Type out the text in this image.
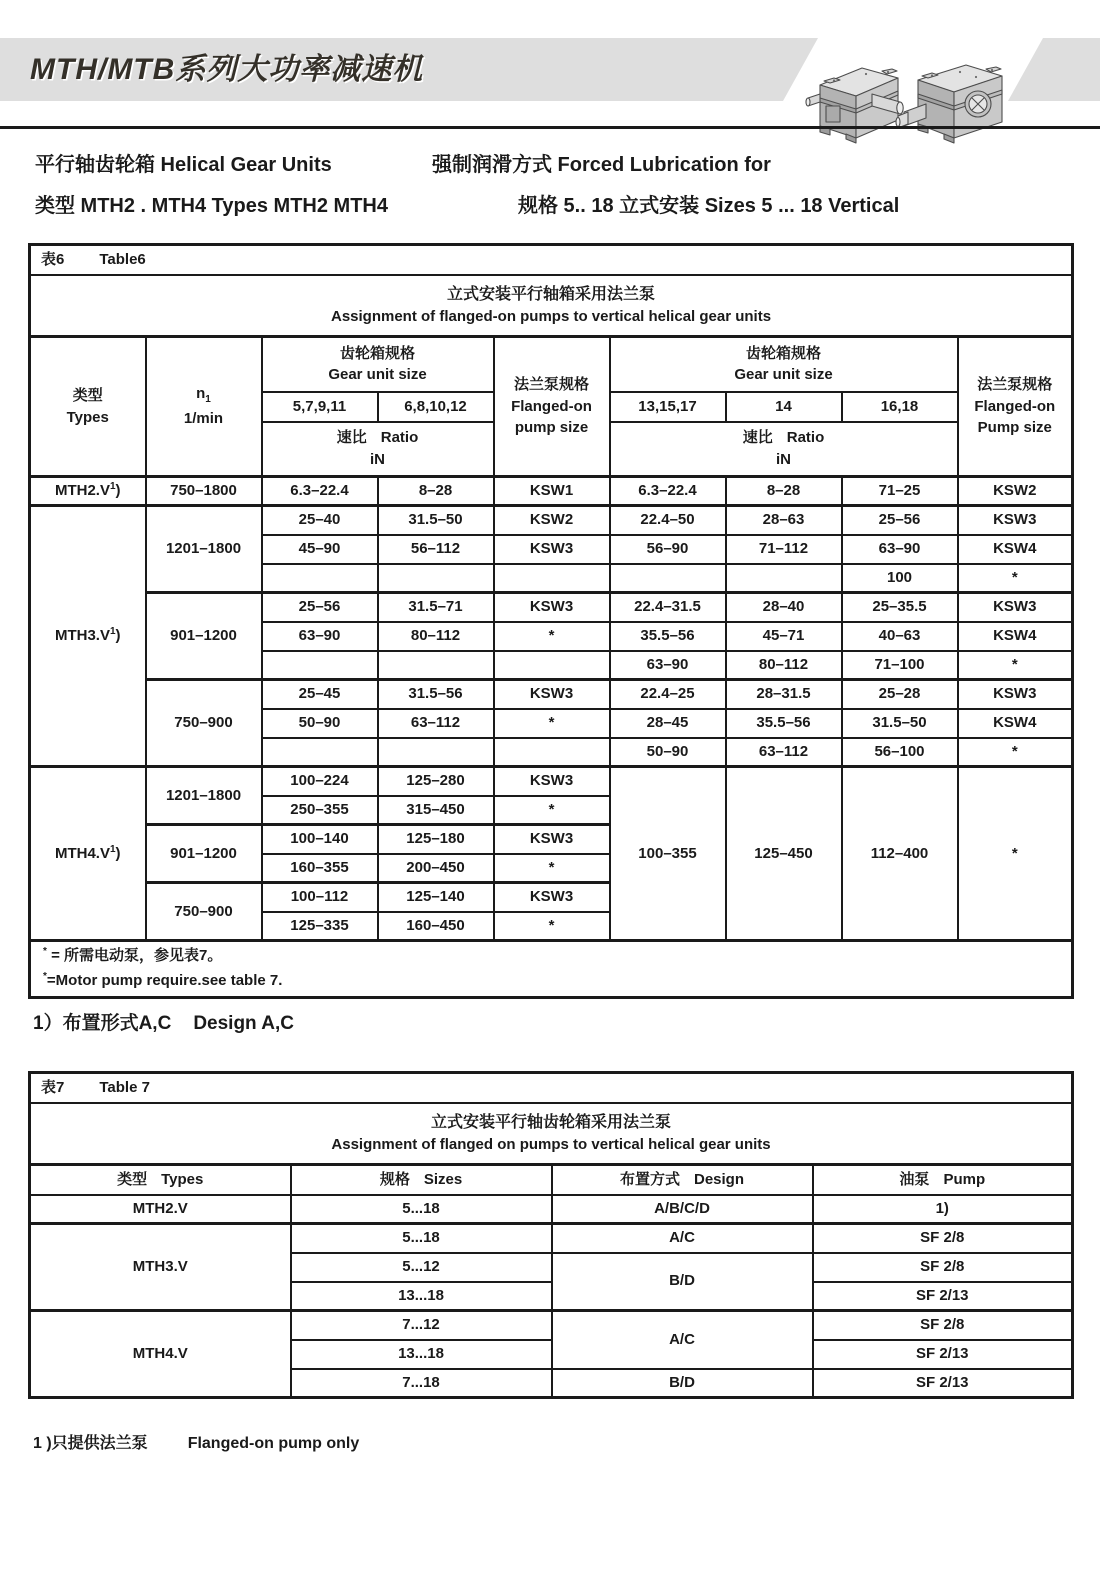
MTH/MTB系列大功率减速机
平行轴齿轮箱 Helical Gear Units	强制润滑方式 Forced Lubrication for
类型 MTH2 . MTH4 Types MTH2 MTH4	规格 5.. 18 立式安装 Sizes 5 ... 18 Vertical
表6 Table6								

立式安装平行轴箱采用法兰泵
Assignment of flanged-on pumps to vertical helical gear units								

类型
Types	$n_1$
1/min	齿轮箱规格
Gear unit size		法兰泵规格
Flanged-on
pump size	齿轮箱规格
Gear unit size			法兰泵规格
Flanged-on
Pump size
		5,7,9,11	6,8,10,12		13,15,17	14	16,18	
		速比 Ratio
iN			速比 Ratio
iN			
$MTH2.V^1$)	750–1800	6.3–22.4	8–28	KSW1	6.3–22.4	8–28	71–25	KSW2
$MTH3.V^1$)	1201–1800	25–40	31.5–50	KSW2	22.4–50	28–63	25–56	KSW3
		45–90	56–112	KSW3	56–90	71–112	63–90	KSW4
							100	*
	901–1200	25–56	31.5–71	KSW3	22.4–31.5	28–40	25–35.5	KSW3
		63–90	80–112	*	35.5–56	45–71	40–63	KSW4
					63–90	80–112	71–100	*
	750–900	25–45	31.5–56	KSW3	22.4–25	28–31.5	25–28	KSW3
		50–90	63–112	*	28–45	35.5–56	31.5–50	KSW4
					50–90	63–112	56–100	*
$MTH4.V^1$)	1201–1800	100–224	125–280	KSW3	100–355	125–450	112–400	*
		250–355	315–450	*				
	901–1200	100–140	125–180	KSW3				
		160–355	200–450	*				
	750–900	100–112	125–140	KSW3				
		125–335	160–450	*				

* = 所需电动泵，参见表7。
*=Motor pump require.see table 7.								
1）布置形式A,C Design A,C
表7 Table 7			

立式安装平行轴齿轮箱采用法兰泵
Assignment of flanged on pumps to vertical helical gear units			

类型 Types	规格 Sizes	布置方式 Design	油泵 Pump
MTH2.V	5...18	A/B/C/D	1)
MTH3.V	5...18	A/C	SF 2/8
	5...12	B/D	SF 2/8
	13...18		SF 2/13
MTH4.V	7...12	A/C	SF 2/8
	13...18		SF 2/13
	7...18	B/D	SF 2/13
1 )只提供法兰泵	Flanged-on pump only
